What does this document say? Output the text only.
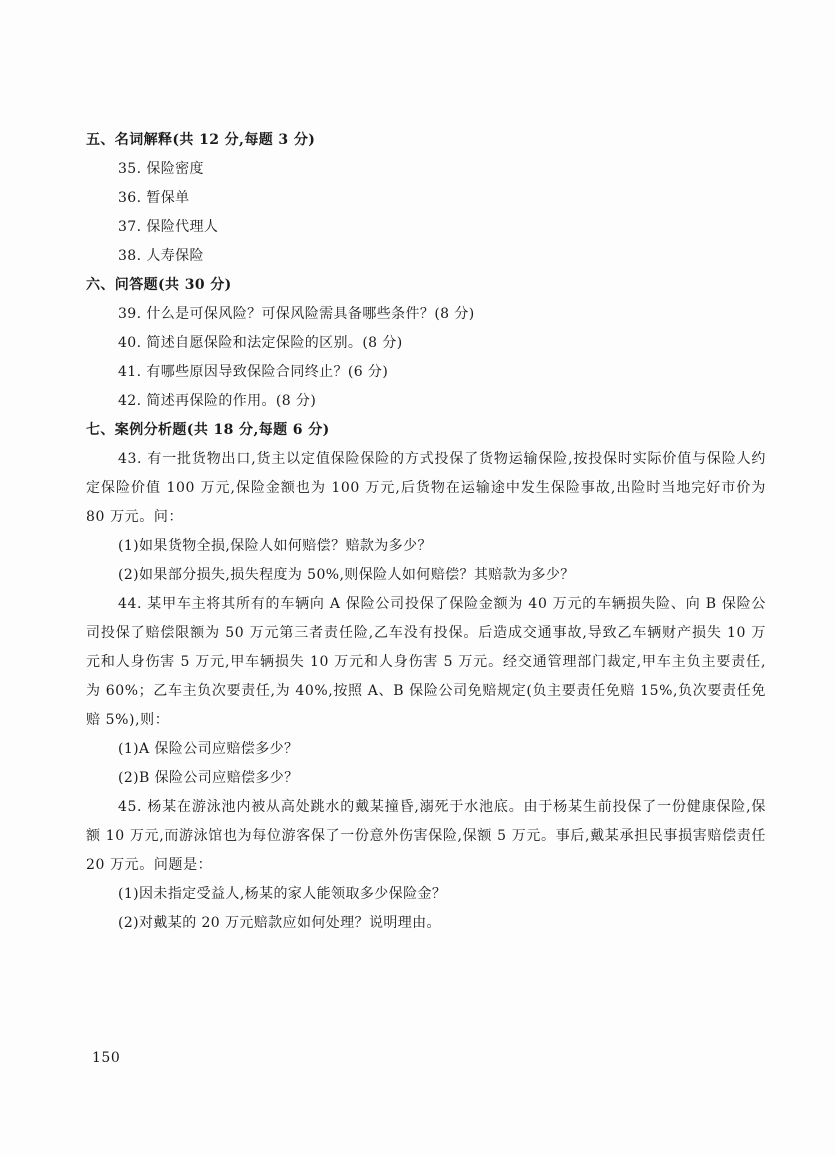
五、名词解释(共 12 分,每题 3 分)
35. 保险密度
36. 暂保单
37. 保险代理人
38. 人寿保险
六、问答题(共 30 分)
39. 什么是可保风险？可保风险需具备哪些条件？(8 分)
40. 简述自愿保险和法定保险的区别。(8 分)
41. 有哪些原因导致保险合同终止？(6 分)
42. 简述再保险的作用。(8 分)
七、案例分析题(共 18 分,每题 6 分)
43. 有一批货物出口,货主以定值保险保险的方式投保了货物运输保险,按投保时实际价值与保险人约定保险价值 100 万元,保险金额也为 100 万元,后货物在运输途中发生保险事故,出险时当地完好市价为 80 万元。问：
(1)如果货物全损,保险人如何赔偿？赔款为多少？
(2)如果部分损失,损失程度为 50%,则保险人如何赔偿？其赔款为多少？
44. 某甲车主将其所有的车辆向 A 保险公司投保了保险金额为 40 万元的车辆损失险、向 B 保险公司投保了赔偿限额为 50 万元第三者责任险,乙车没有投保。后造成交通事故,导致乙车辆财产损失 10 万元和人身伤害 5 万元,甲车辆损失 10 万元和人身伤害 5 万元。经交通管理部门裁定,甲车主负主要责任,为 60%；乙车主负次要责任,为 40%,按照 A、B 保险公司免赔规定(负主要责任免赔 15%,负次要责任免赔 5%),则：
(1)A 保险公司应赔偿多少？
(2)B 保险公司应赔偿多少？
45. 杨某在游泳池内被从高处跳水的戴某撞昏,溺死于水池底。由于杨某生前投保了一份健康保险,保额 10 万元,而游泳馆也为每位游客保了一份意外伤害保险,保额 5 万元。事后,戴某承担民事损害赔偿责任 20 万元。问题是：
(1)因未指定受益人,杨某的家人能领取多少保险金？
(2)对戴某的 20 万元赔款应如何处理？说明理由。
150
